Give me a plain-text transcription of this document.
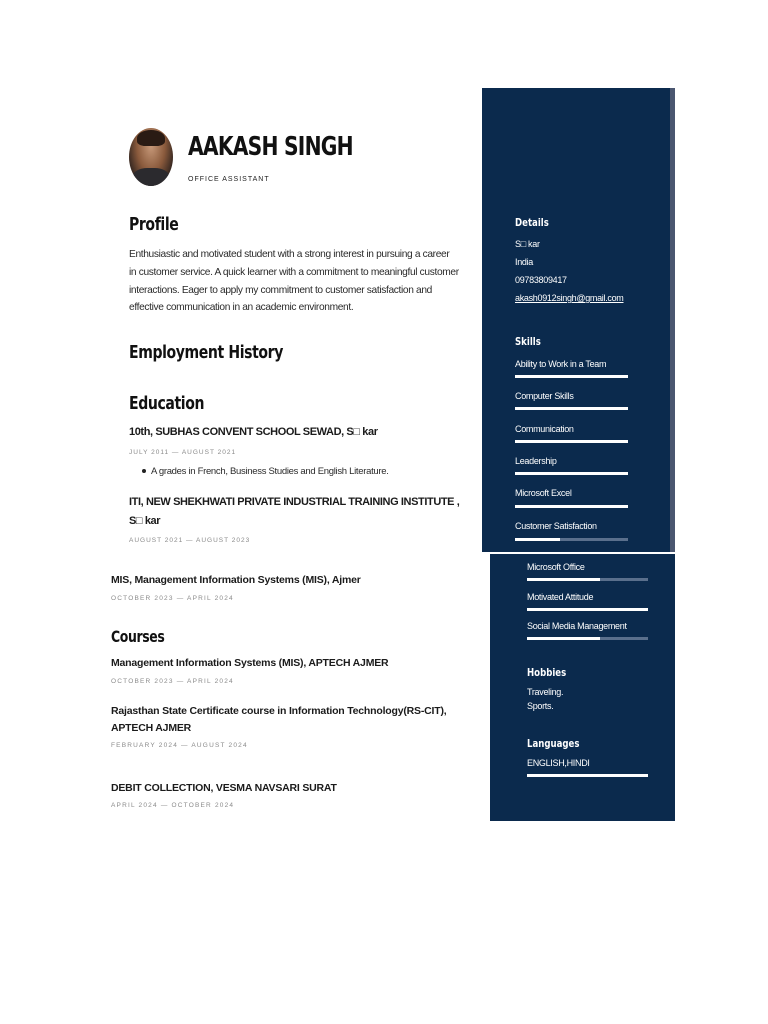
AAKASH SINGH
OFFICE ASSISTANT
Profile
Enthusiastic and motivated student with a strong interest in pursuing a career in customer service. A quick learner with a commitment to meaningful customer interactions. Eager to apply my commitment to customer satisfaction and effective communication in an academic environment.
Employment History
Education
10th, SUBHAS CONVENT SCHOOL SEWAD, S□ kar
JULY 2011 — AUGUST 2021
A grades in French, Business Studies and English Literature.
ITI, NEW SHEKHWATI PRIVATE INDUSTRIAL TRAINING INSTITUTE ,
S□ kar
AUGUST 2021 — AUGUST 2023
MIS, Management Information Systems (MIS), Ajmer
OCTOBER 2023 — APRIL 2024
Courses
Management Information Systems (MIS), APTECH AJMER
OCTOBER 2023 — APRIL 2024
Rajasthan State Certificate course in Information Technology(RS-CIT),
APTECH AJMER
FEBRUARY 2024 — AUGUST 2024
DEBIT COLLECTION, VESMA NAVSARI SURAT
APRIL 2024 — OCTOBER 2024
Details
S□ kar
India
09783809417
akash0912singh@gmail.com
Skills
Ability to Work in a Team
Computer Skills
Communication
Leadership
Microsoft Excel
Customer Satisfaction
Microsoft Office
Motivated Attitude
Social Media Management
Hobbies
Traveling.
Sports.
Languages
ENGLISH,HINDI
